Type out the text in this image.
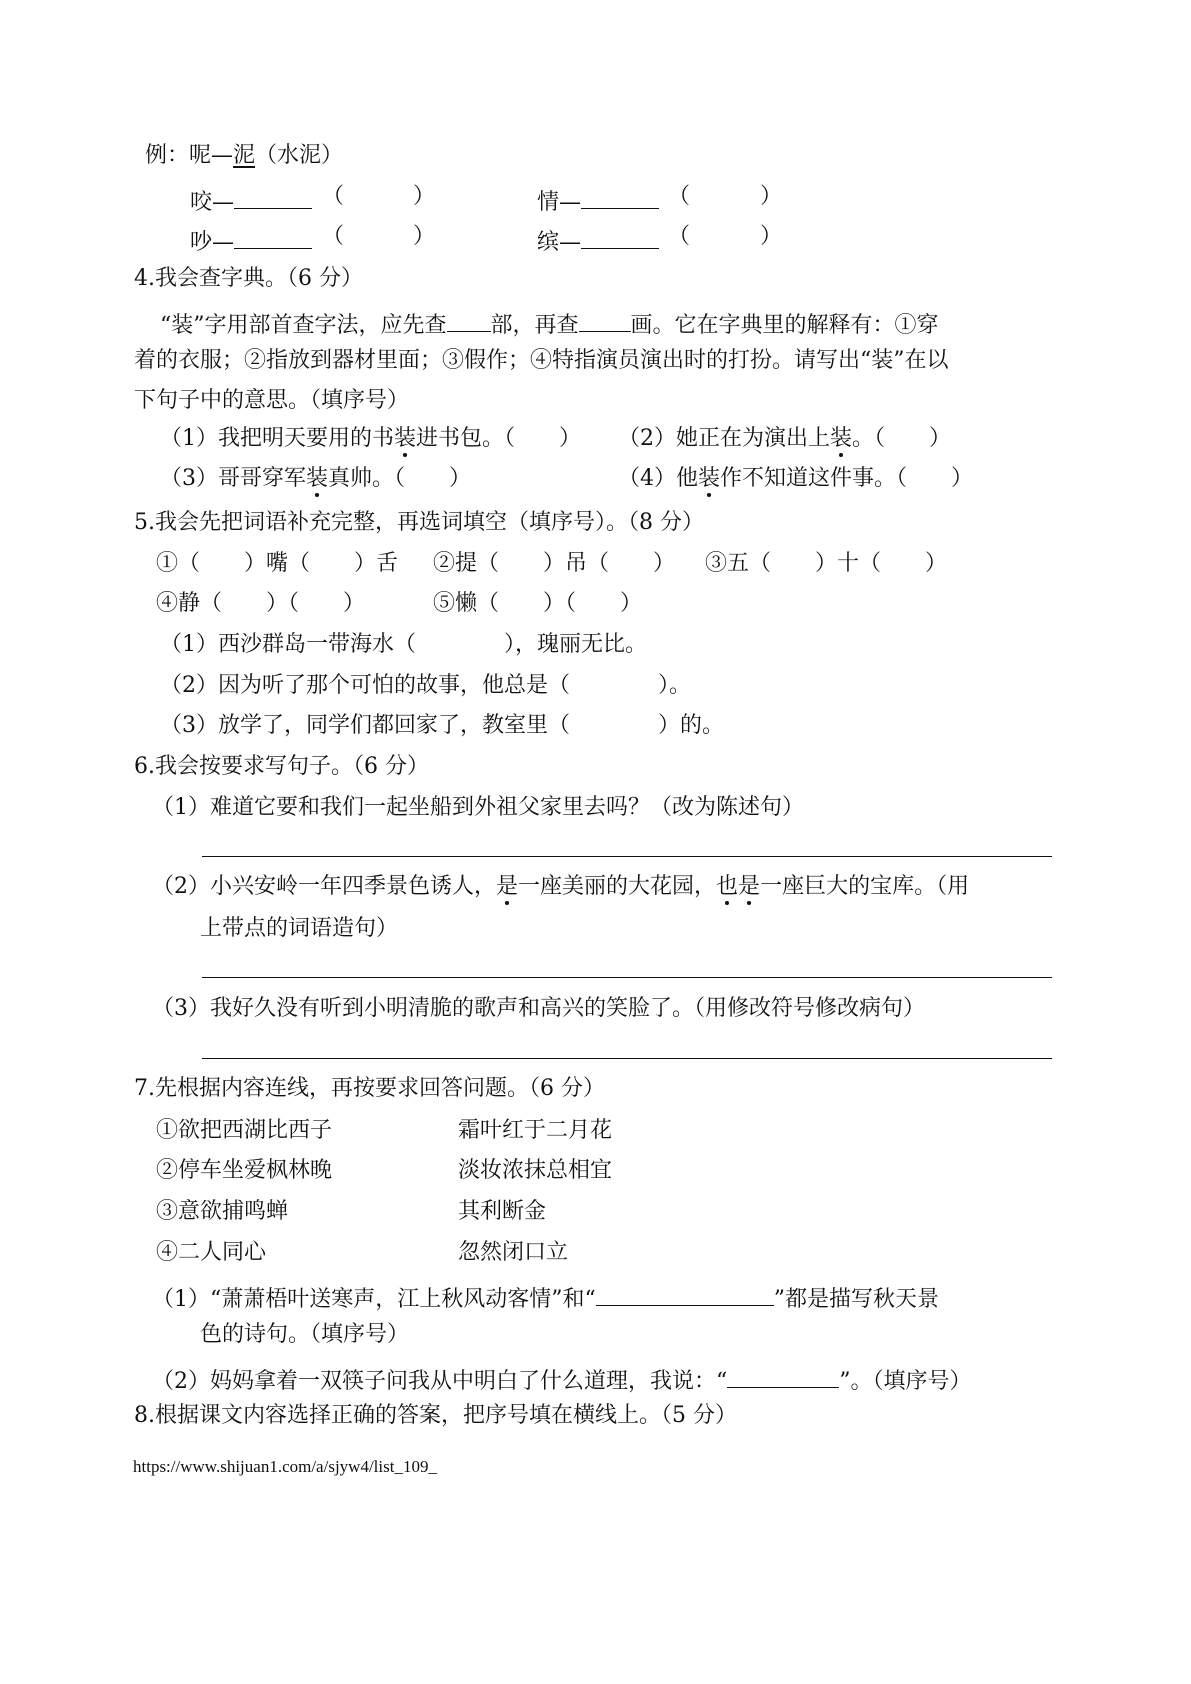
例：呢—泥（水泥）
咬—	（	）	情—	（	）
吵—	（	）	缤—	（	）
4.我会查字典。（6 分）
“装”字用部首查字法，应先查 部，再查 画。它在字典里的解释有：①穿
着的衣服；②指放到器材里面；③假作；④特指演员演出时的打扮。请写出“装”在以
下句子中的意思。（填序号）
（1）我把明天要用的书装进书包。（　　） （2）她正在为演出上装。（　　）
（3）哥哥穿军装真帅。（　　）	（4）他装作不知道这件事。（　　）
5.我会先把词语补充完整，再选词填空（填序号）。（8 分）
①（　　）嘴（　　）舌 ②提（　　）吊（　　） ③五（　　）十（　　）
④静（　　）（　　）	⑤懒（　　）（　　）
（1）西沙群岛一带海水（　　　　），瑰丽无比。
（2）因为听了那个可怕的故事，他总是（　　　　）。
（3）放学了，同学们都回家了，教室里（　　　　）的。
6.我会按要求写句子。（6 分）
（1）难道它要和我们一起坐船到外祖父家里去吗？（改为陈述句）
（2）小兴安岭一年四季景色诱人，是一座美丽的大花园，也是一座巨大的宝库。（用
上带点的词语造句）
（3）我好久没有听到小明清脆的歌声和高兴的笑脸了。（用修改符号修改病句）
7.先根据内容连线，再按要求回答问题。（6 分）
①欲把西湖比西子	霜叶红于二月花
②停车坐爱枫林晚	淡妆浓抹总相宜
③意欲捕鸣蝉	其利断金
④二人同心	忽然闭口立
（1）“萧萧梧叶送寒声，江上秋风动客情”和“	”都是描写秋天景
色的诗句。（填序号）
（2）妈妈拿着一双筷子问我从中明白了什么道理，我说：“	”。（填序号）
8.根据课文内容选择正确的答案，把序号填在横线上。（5 分）
https://www.shijuan1.com/a/sjyw4/list_109_
